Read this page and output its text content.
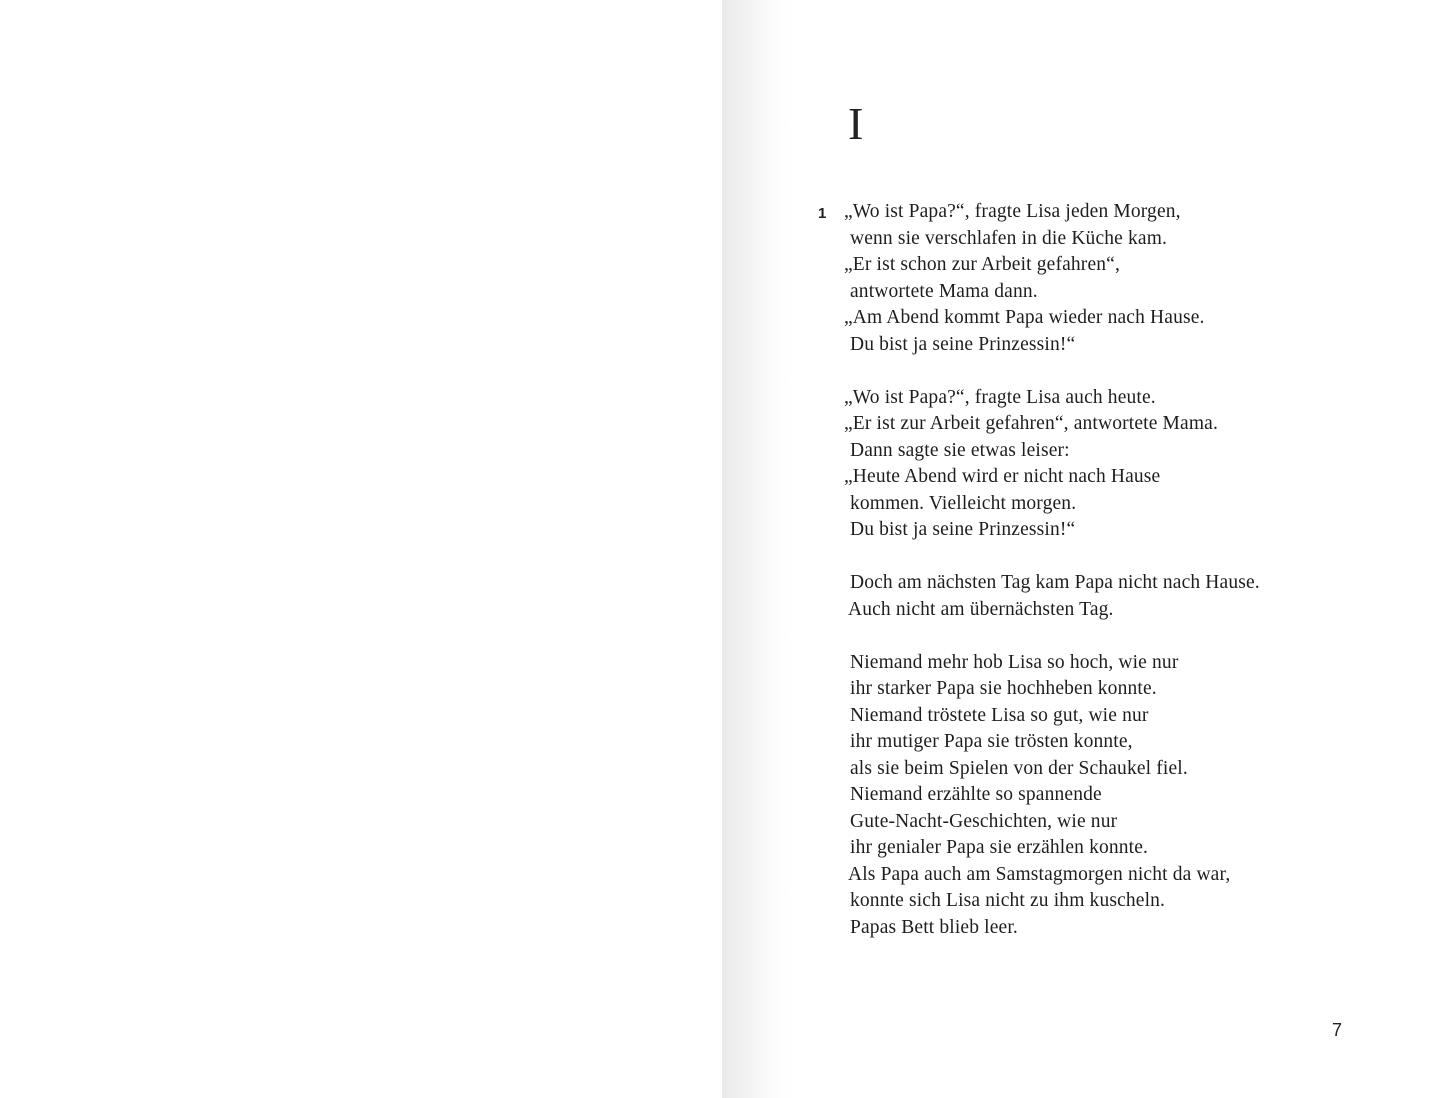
I
1 „Wo ist Papa?“, fragte Lisa jeden Morgen,
wenn sie verschlafen in die Küche kam.
„Er ist schon zur Arbeit gefahren“,
antwortete Mama dann.
„Am Abend kommt Papa wieder nach Hause.
Du bist ja seine Prinzessin!“
„Wo ist Papa?“, fragte Lisa auch heute.
„Er ist zur Arbeit gefahren“, antwortete Mama.
Dann sagte sie etwas leiser:
„Heute Abend wird er nicht nach Hause
kommen. Vielleicht morgen.
Du bist ja seine Prinzessin!“
Doch am nächsten Tag kam Papa nicht nach Hause.
Auch nicht am übernächsten Tag.
Niemand mehr hob Lisa so hoch, wie nur
ihr starker Papa sie hochheben konnte.
Niemand tröstete Lisa so gut, wie nur
ihr mutiger Papa sie trösten konnte,
als sie beim Spielen von der Schaukel fiel.
Niemand erzählte so spannende
Gute-Nacht-Geschichten, wie nur
ihr genialer Papa sie erzählen konnte.
Als Papa auch am Samstagmorgen nicht da war,
konnte sich Lisa nicht zu ihm kuscheln.
Papas Bett blieb leer.
7
